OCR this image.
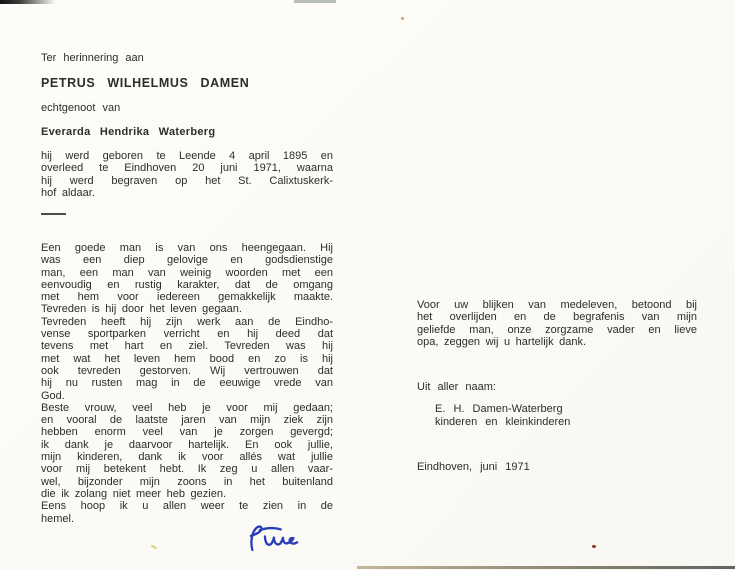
Ter herinnering aan
PETRUS WILHELMUS DAMEN
echtgenoot van
Everarda Hendrika Waterberg
hij werd geboren te Leende 4 april 1895 en
overleed te Eindhoven 20 juni 1971, waarna
hij werd begraven op het St. Calixtuskerk-
hof aldaar.
Een goede man is van ons heengegaan. Hij
was een diep gelovige en godsdienstige
man, een man van weinig woorden met een
eenvoudig en rustig karakter, dat de omgang
met hem voor iedereen gemakkelijk maakte.
Tevreden is hij door het leven gegaan.
Tevreden heeft hij zijn werk aan de Eindho-
vense sportparken verricht en hij deed dat
tevens met hart en ziel. Tevreden was hij
met wat het leven hem bood en zo is hij
ook tevreden gestorven. Wij vertrouwen dat
hij nu rusten mag in de eeuwige vrede van
God.
Beste vrouw, veel heb je voor mij gedaan;
en vooral de laatste jaren van mijn ziek zijn
hebben enorm veel van je zorgen gevergd;
ik dank je daarvoor hartelijk. En ook jullie,
mijn kinderen, dank ik voor allés wat jullie
voor mij betekent hebt. Ik zeg u allen vaar-
wel, bijzonder mijn zoons in het buitenland
die ik zolang niet meer heb gezien.
Eens hoop ik u allen weer te zien in de
hemel.
Voor uw blijken van medeleven, betoond bij
het overlijden en de begrafenis van mijn
geliefde man, onze zorgzame vader en lieve
opa, zeggen wij u hartelijk dank.
Uit aller naam:
E. H. Damen-Waterberg
kinderen en kleinkinderen
Eindhoven, juni 1971
